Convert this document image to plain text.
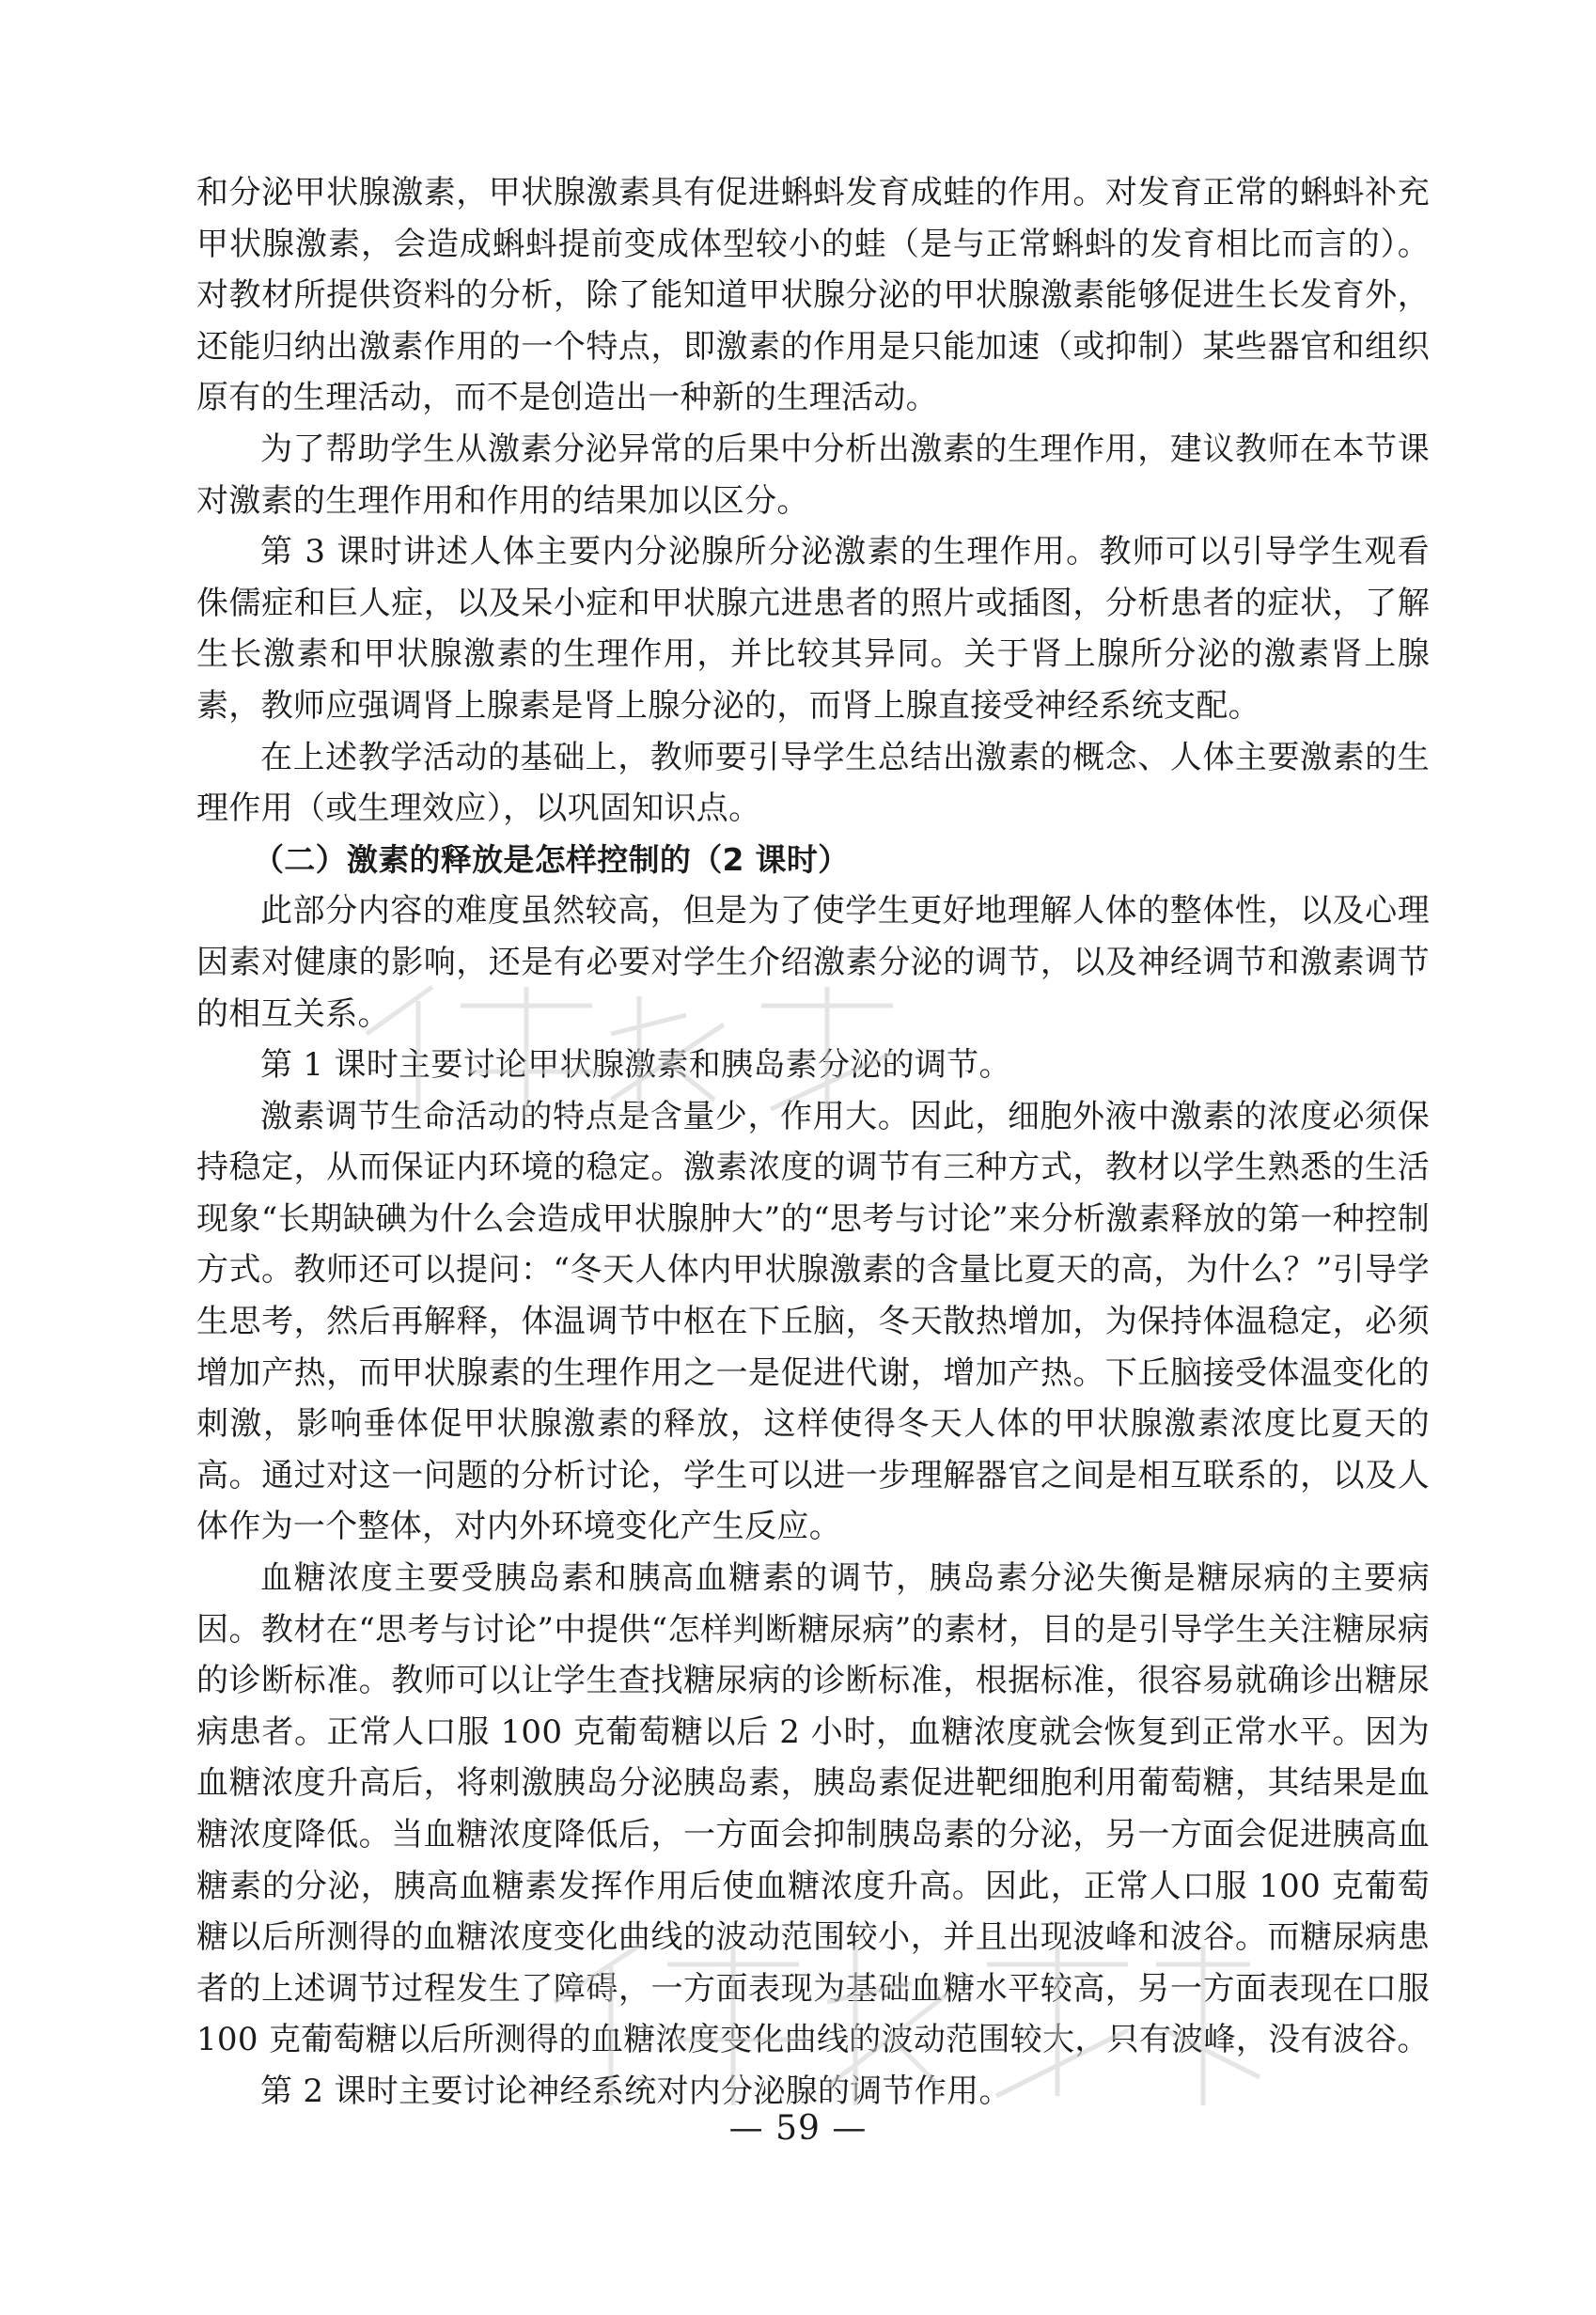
和分泌甲状腺激素，甲状腺激素具有促进蝌蚪发育成蛙的作用。对发育正常的蝌蚪补充甲状腺激素，会造成蝌蚪提前变成体型较小的蛙（是与正常蝌蚪的发育相比而言的）。对教材所提供资料的分析，除了能知道甲状腺分泌的甲状腺激素能够促进生长发育外，还能归纳出激素作用的一个特点，即激素的作用是只能加速（或抑制）某些器官和组织原有的生理活动，而不是创造出一种新的生理活动。

为了帮助学生从激素分泌异常的后果中分析出激素的生理作用，建议教师在本节课对激素的生理作用和作用的结果加以区分。

第 3 课时讲述人体主要内分泌腺所分泌激素的生理作用。教师可以引导学生观看侏儒症和巨人症，以及呆小症和甲状腺亢进患者的照片或插图，分析患者的症状，了解生长激素和甲状腺激素的生理作用，并比较其异同。关于肾上腺所分泌的激素肾上腺素，教师应强调肾上腺素是肾上腺分泌的，而肾上腺直接受神经系统支配。

在上述教学活动的基础上，教师要引导学生总结出激素的概念、人体主要激素的生理作用（或生理效应），以巩固知识点。

（二）激素的释放是怎样控制的（2 课时）

此部分内容的难度虽然较高，但是为了使学生更好地理解人体的整体性，以及心理因素对健康的影响，还是有必要对学生介绍激素分泌的调节，以及神经调节和激素调节的相互关系。

第 1 课时主要讨论甲状腺激素和胰岛素分泌的调节。

激素调节生命活动的特点是含量少，作用大。因此，细胞外液中激素的浓度必须保持稳定，从而保证内环境的稳定。激素浓度的调节有三种方式，教材以学生熟悉的生活现象“长期缺碘为什么会造成甲状腺肿大”的“思考与讨论”来分析激素释放的第一种控制方式。教师还可以提问：“冬天人体内甲状腺激素的含量比夏天的高，为什么？”引导学生思考，然后再解释，体温调节中枢在下丘脑，冬天散热增加，为保持体温稳定，必须增加产热，而甲状腺素的生理作用之一是促进代谢，增加产热。下丘脑接受体温变化的刺激，影响垂体促甲状腺激素的释放，这样使得冬天人体的甲状腺激素浓度比夏天的高。通过对这一问题的分析讨论，学生可以进一步理解器官之间是相互联系的，以及人体作为一个整体，对内外环境变化产生反应。

血糖浓度主要受胰岛素和胰高血糖素的调节，胰岛素分泌失衡是糖尿病的主要病因。教材在“思考与讨论”中提供“怎样判断糖尿病”的素材，目的是引导学生关注糖尿病的诊断标准。教师可以让学生查找糖尿病的诊断标准，根据标准，很容易就确诊出糖尿病患者。正常人口服 100 克葡萄糖以后 2 小时，血糖浓度就会恢复到正常水平。因为血糖浓度升高后，将刺激胰岛分泌胰岛素，胰岛素促进靶细胞利用葡萄糖，其结果是血糖浓度降低。当血糖浓度降低后，一方面会抑制胰岛素的分泌，另一方面会促进胰高血糖素的分泌，胰高血糖素发挥作用后使血糖浓度升高。因此，正常人口服 100 克葡萄糖以后所测得的血糖浓度变化曲线的波动范围较小，并且出现波峰和波谷。而糖尿病患者的上述调节过程发生了障碍，一方面表现为基础血糖水平较高，另一方面表现在口服 100 克葡萄糖以后所测得的血糖浓度变化曲线的波动范围较大，只有波峰，没有波谷。

第 2 课时主要讨论神经系统对内分泌腺的调节作用。

— 59 —
